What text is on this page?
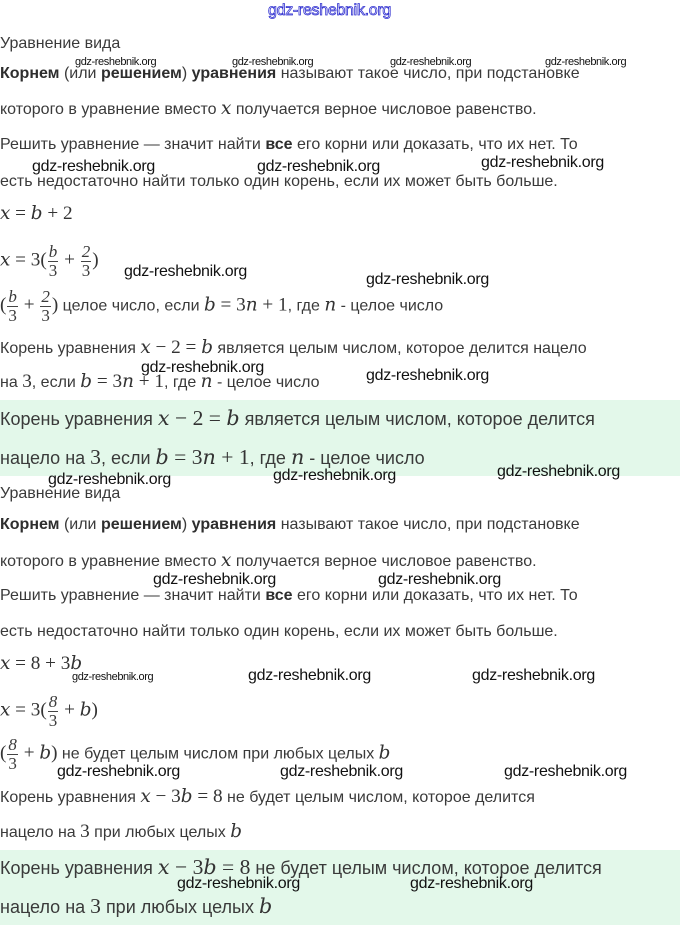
Уравнение вида
Корнем (или решением) уравнения называют такое число, при подстановке
которого в уравнение вместо x получается верное числовое равенство.
Решить уравнение — значит найти все его корни или доказать, что их нет. То
есть недостаточно найти только один корень, если их может быть больше.
x = b + 2
$x = 3( \frac{b}{3} + \frac{2}{3}$ )
( $\frac{b}{3} + \frac{2}{3}$ ) целое число, если b = 3n + 1, где n - целое число
Корень уравнения x − 2 = b является целым числом, которое делится нацело
на 3, если b = 3n + 1, где n - целое число
Корень уравнения x − 2 = b является целым числом, которое делится
нацело на 3, если b = 3n + 1, где n - целое число
Уравнение вида
Корнем (или решением) уравнения называют такое число, при подстановке
которого в уравнение вместо x получается верное числовое равенство.
Решить уравнение — значит найти все его корни или доказать, что их нет. То
есть недостаточно найти только один корень, если их может быть больше.
x = 8 + 3b
$x = 3( \frac{8}{3} + b)$
( $\frac{8}{3} + b$) не будет целым числом при любых целых b
Корень уравнения x − 3b = 8 не будет целым числом, которое делится
нацело на 3 при любых целых b
Корень уравнения x − 3b = 8 не будет целым числом, которое делится
нацело на 3 при любых целых b
gdz-reshebnik.org
gdz-reshebnik.org	gdz-reshebnik.org	gdz-reshebnik.org	gdz-reshebnik.org
gdz-reshebnik.org	gdz-reshebnik.org	gdz-reshebnik.org
gdz-reshebnik.org	gdz-reshebnik.org
gdz-reshebnik.org	gdz-reshebnik.org
gdz-reshebnik.org	gdz-reshebnik.org	gdz-reshebnik.org
gdz-reshebnik.org	gdz-reshebnik.org
gdz-reshebnik.org	gdz-reshebnik.org	gdz-reshebnik.org
gdz-reshebnik.org	gdz-reshebnik.org	gdz-reshebnik.org
gdz-reshebnik.org	gdz-reshebnik.org
